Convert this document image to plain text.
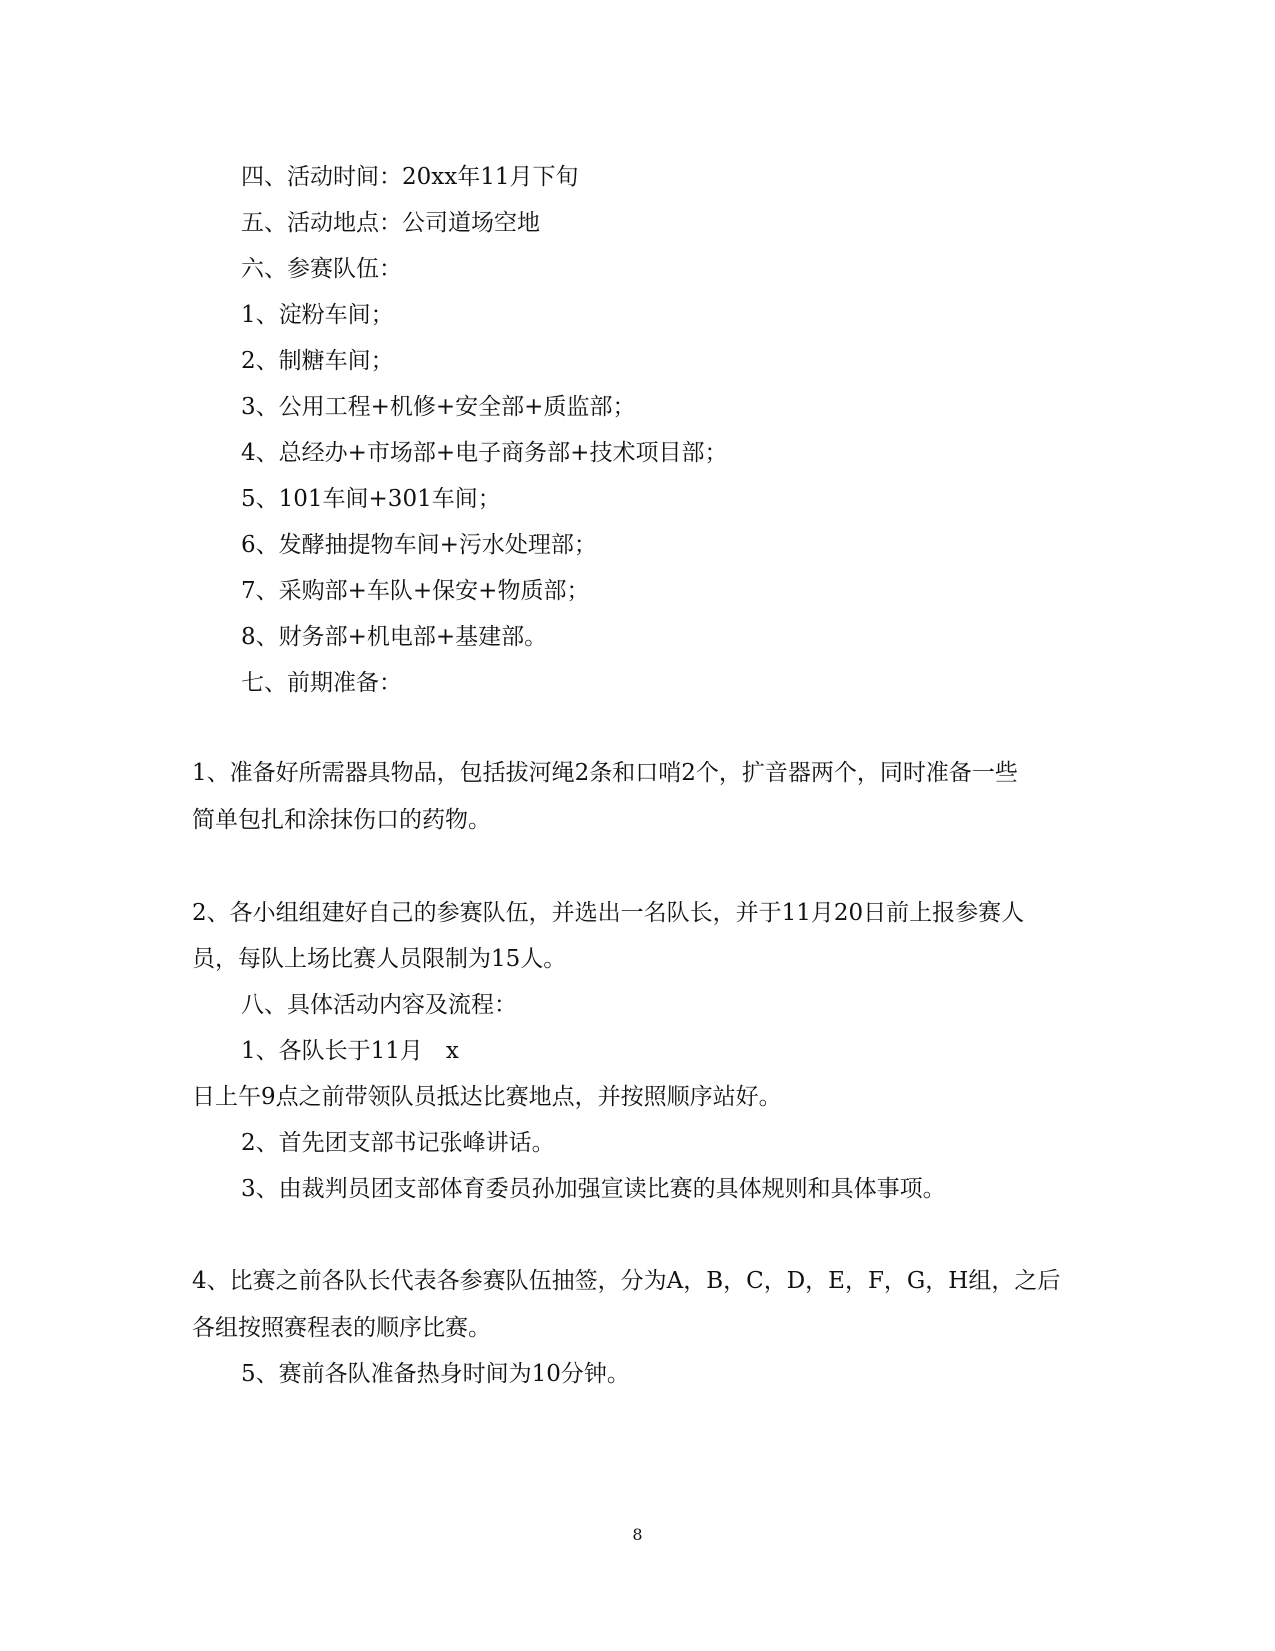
四、活动时间：20xx年11月下旬
五、活动地点：公司道场空地
六、参赛队伍：
1、淀粉车间；
2、制糖车间；
3、公用工程+机修+安全部+质监部；
4、总经办+市场部+电子商务部+技术项目部；
5、101车间+301车间；
6、发酵抽提物车间+污水处理部；
7、采购部+车队+保安+物质部；
8、财务部+机电部+基建部。
七、前期准备：
1、准备好所需器具物品，包括拔河绳2条和口哨2个，扩音器两个，同时准备一些
简单包扎和涂抹伤口的药物。
2、各小组组建好自己的参赛队伍，并选出一名队长，并于11月20日前上报参赛人
员，每队上场比赛人员限制为15人。
八、具体活动内容及流程：
1、各队长于11月　x
日上午9点之前带领队员抵达比赛地点，并按照顺序站好。
2、首先团支部书记张峰讲话。
3、由裁判员团支部体育委员孙加强宣读比赛的具体规则和具体事项。
4、比赛之前各队长代表各参赛队伍抽签，分为A，B，C，D，E，F，G，H组，之后
各组按照赛程表的顺序比赛。
5、赛前各队准备热身时间为10分钟。
8
